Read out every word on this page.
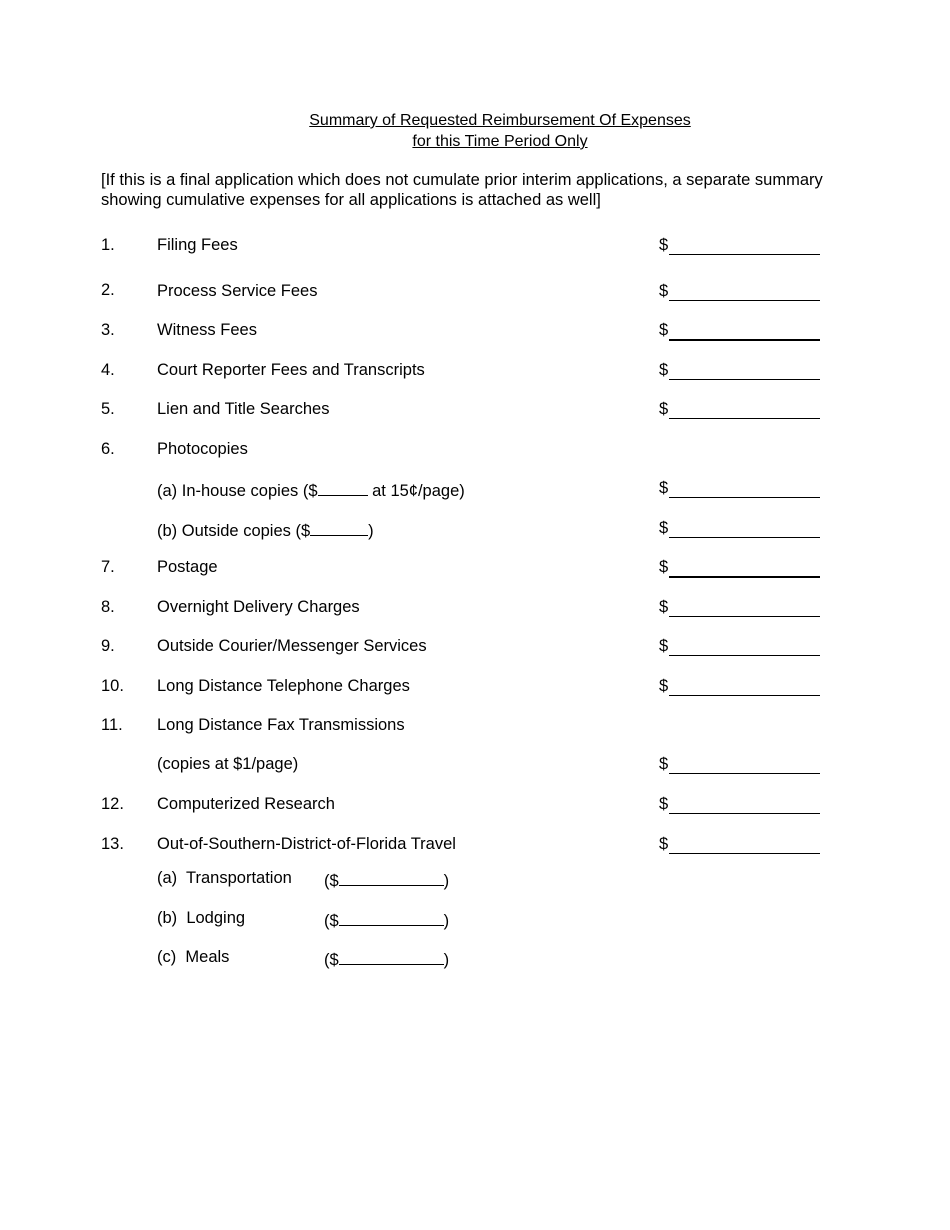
Summary of Requested Reimbursement Of Expenses
for this Time Period Only
[If this is a final application which does not cumulate prior interim applications, a separate summary
showing cumulative expenses for all applications is attached as well]
1.	Filing Fees	$
2.	Process Service Fees	$
3.	Witness Fees	$
4.	Court Reporter Fees and Transcripts	$
5.	Lien and Title Searches	$
6.	Photocopies
(a) In-house copies ($	at 15¢/page)	$
(b) Outside copies ($	)	$
7.	Postage	$
8.	Overnight Delivery Charges	$
9.	Outside Courier/Messenger Services	$
10. Long Distance Telephone Charges	$
11. Long Distance Fax Transmissions
(copies at $1/page)	$
12. Computerized Research	$
13. Out-of-Southern-District-of-Florida Travel	$
(a)  Transportation ($	)
(b)  Lodging	($	)
(c)  Meals	($	)
